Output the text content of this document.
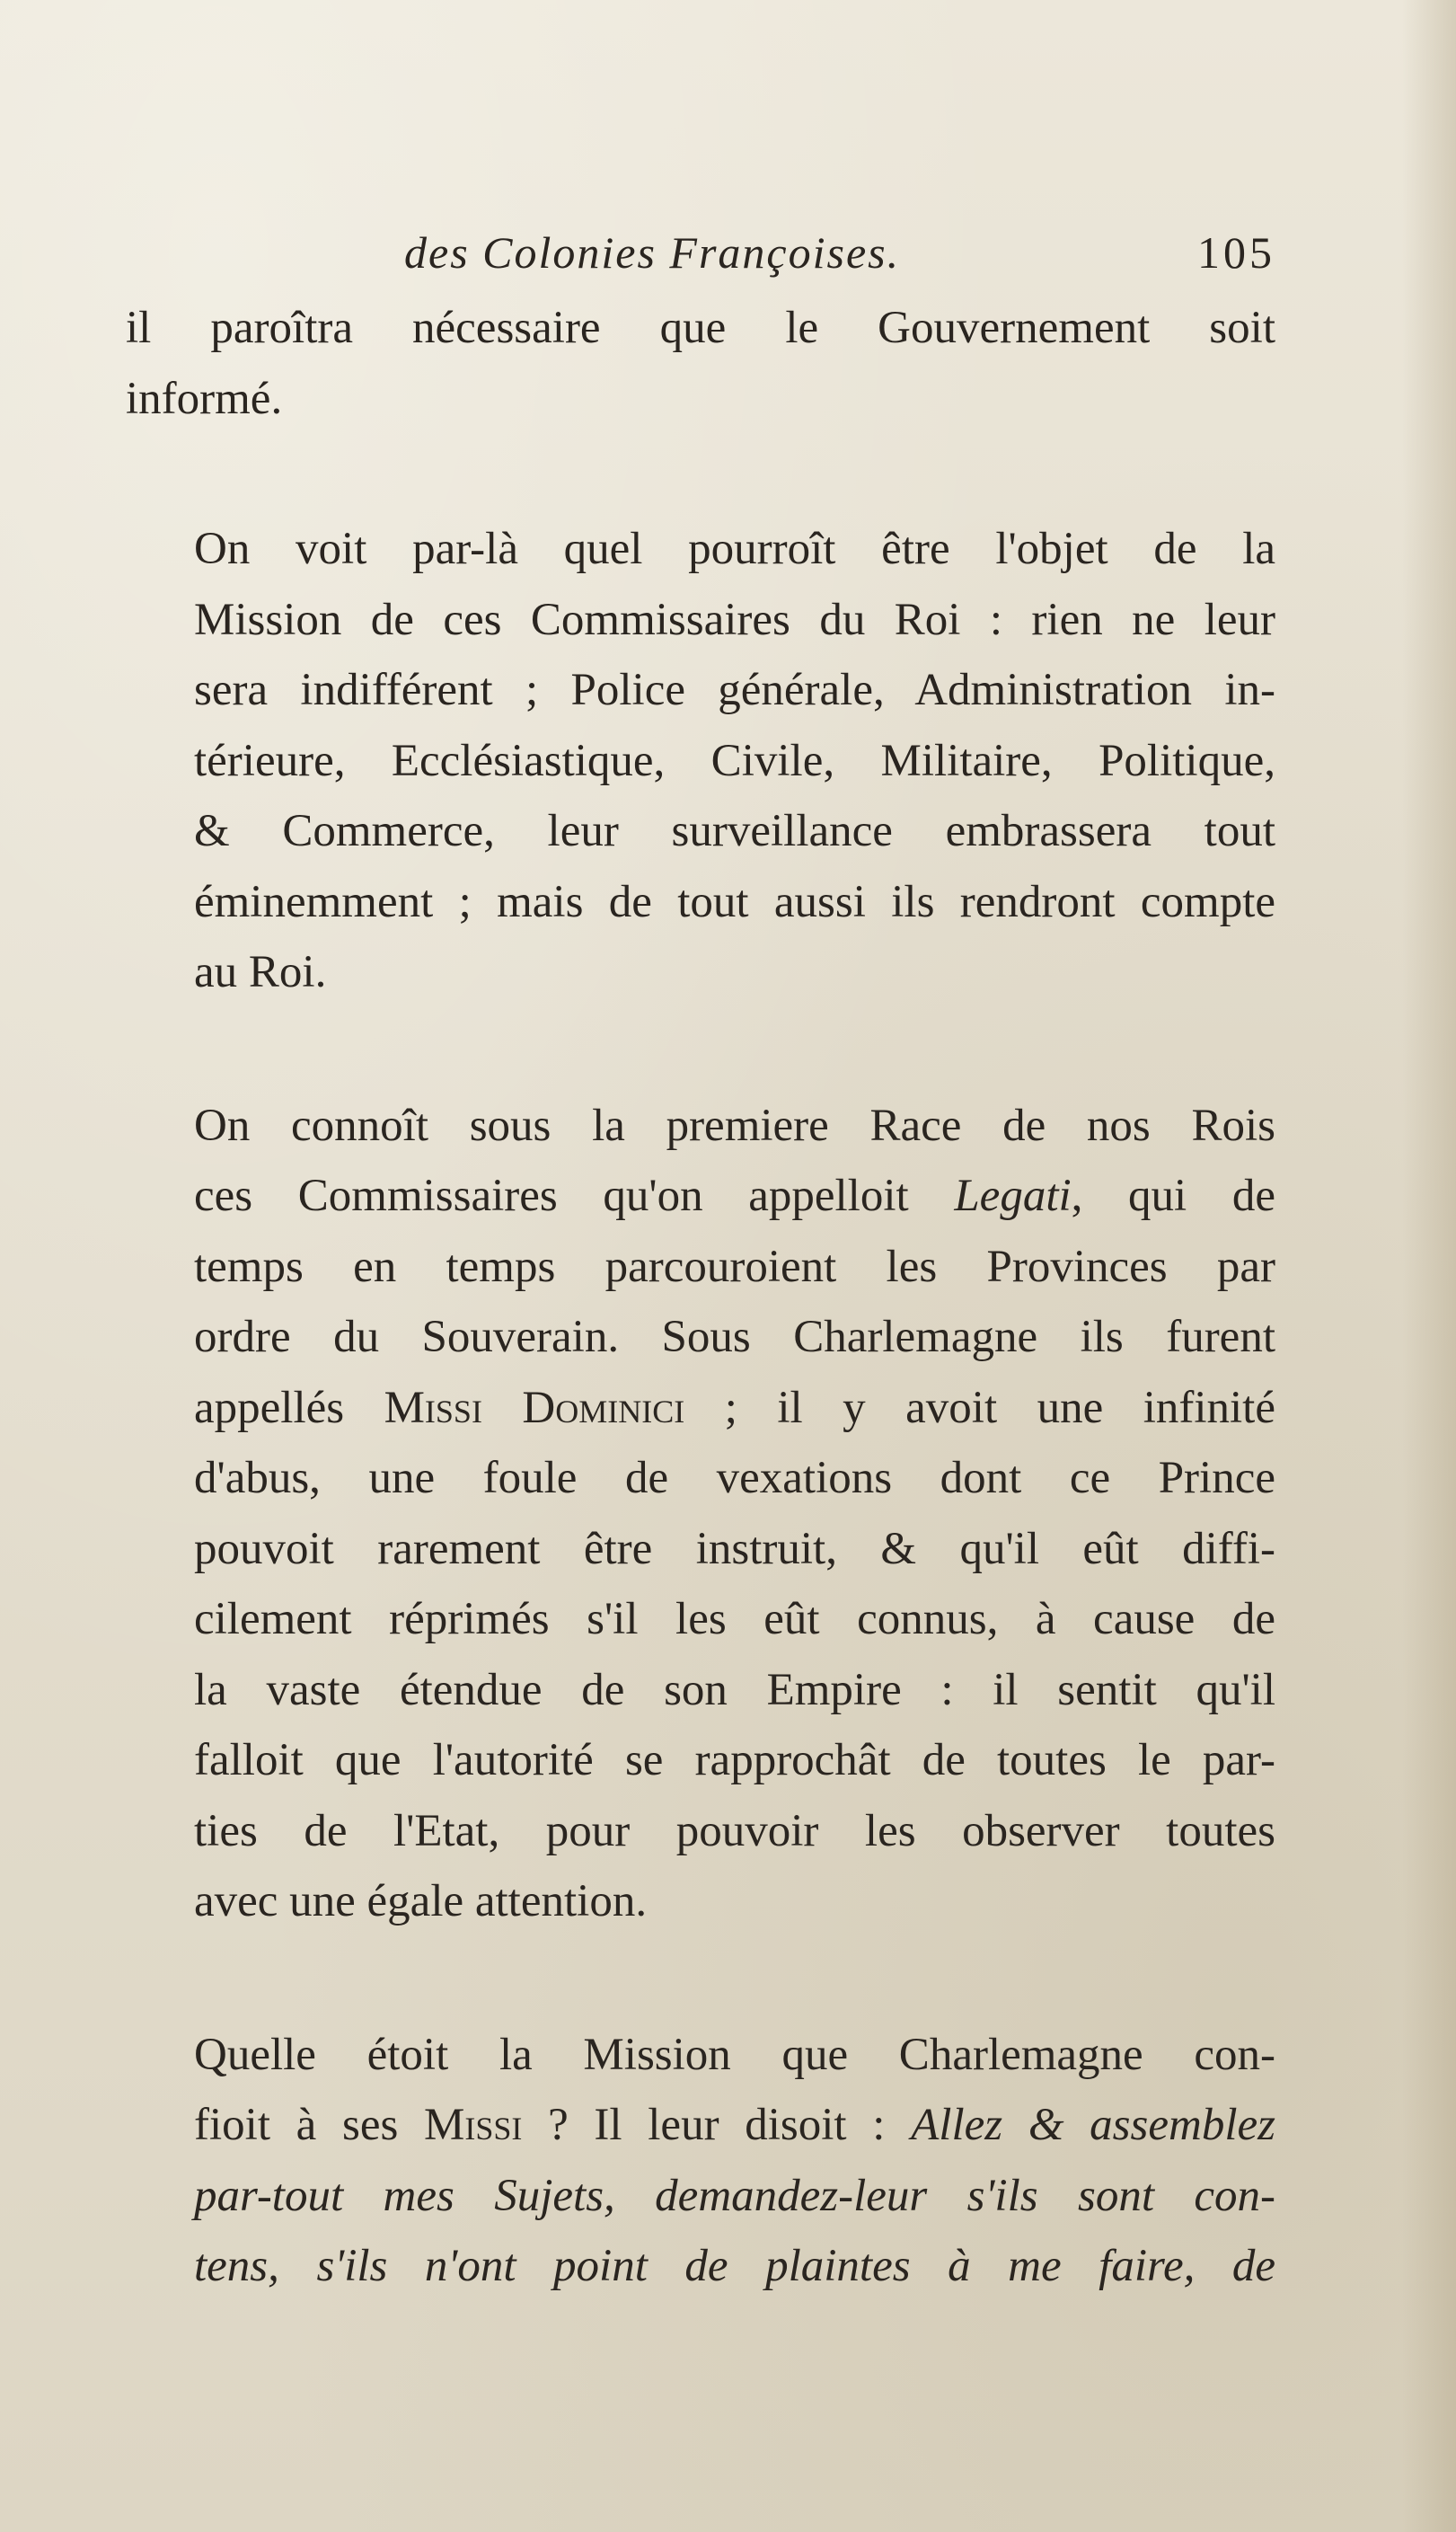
des Colonies Françoises.	105

il paroîtra nécessaire que le Gouvernement soit
informé.

On voit par-là quel pourroît être l'objet de la
Mission de ces Commissaires du Roi : rien ne leur
sera indifférent ; Police générale, Administration in-
térieure, Ecclésiastique, Civile, Militaire, Politique,
& Commerce, leur surveillance embrassera tout
éminemment ; mais de tout aussi ils rendront compte
au Roi.

On connoît sous la premiere Race de nos Rois
ces Commissaires qu'on appelloit Legati, qui de
temps en temps parcouroient les Provinces par
ordre du Souverain. Sous Charlemagne ils furent
appellés Missi Dominici ; il y avoit une infinité
d'abus, une foule de vexations dont ce Prince
pouvoit rarement être instruit, & qu'il eût diffi-
cilement réprimés s'il les eût connus, à cause de
la vaste étendue de son Empire : il sentit qu'il
falloit que l'autorité se rapprochât de toutes le par-
ties de l'Etat, pour pouvoir les observer toutes
avec une égale attention.

Quelle étoit la Mission que Charlemagne con-
fioit à ses Missi ? Il leur disoit : Allez & assemblez
par-tout mes Sujets, demandez-leur s'ils sont con-
tens, s'ils n'ont point de plaintes à me faire, de
